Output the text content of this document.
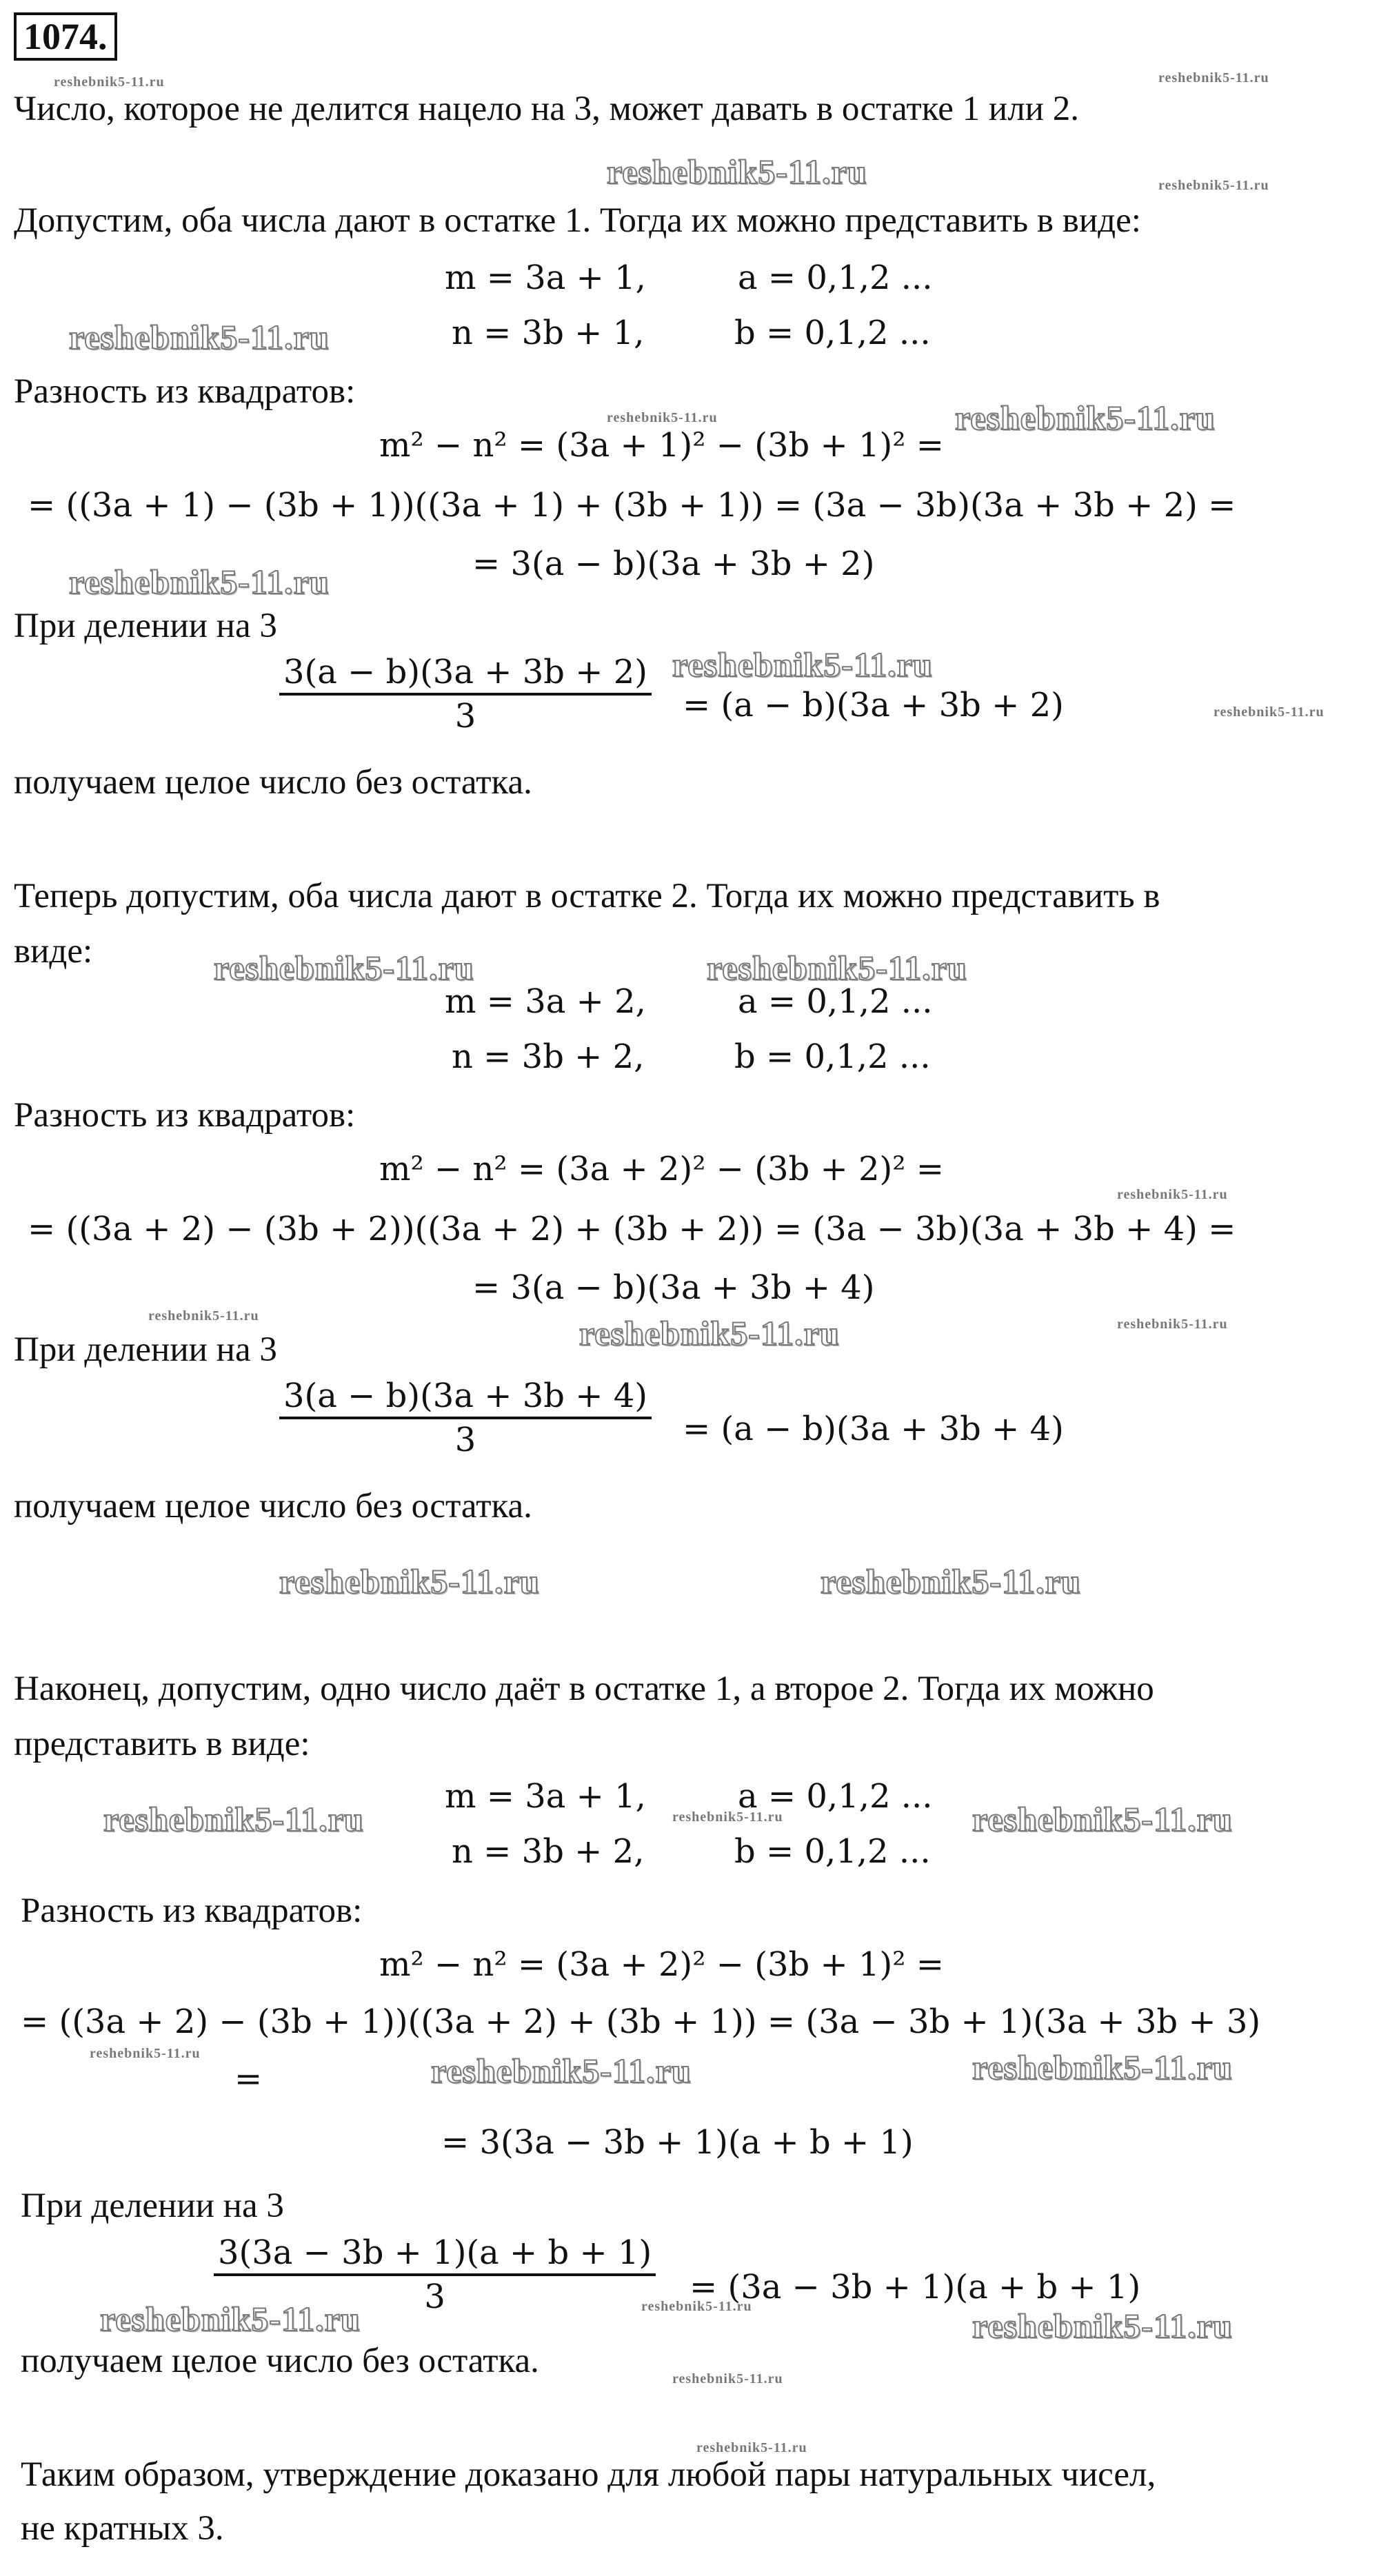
1074.
Число, которое не делится нацело на 3, может давать в остатке 1 или 2.
Допустим, оба числа дают в остатке 1. Тогда их можно представить в виде:
m = 3a + 1,	a = 0,1,2 ...
n = 3b + 1,	b = 0,1,2 ...
Разность из квадратов:
m² − n² = (3a + 1)² − (3b + 1)² =
= ((3a + 1) − (3b + 1))((3a + 1) + (3b + 1)) = (3a − 3b)(3a + 3b + 2) =
= 3(a − b)(3a + 3b + 2)
При делении на 3
$\frac{3(a - b)(3a + 3b + 2)}{3} = (a - b)(3a + 3b + 2)$
получаем целое число без остатка.
Теперь допустим, оба числа дают в остатке 2. Тогда их можно представить в
виде:
m = 3a + 2,	a = 0,1,2 ...
n = 3b + 2,	b = 0,1,2 ...
Разность из квадратов:
m² − n² = (3a + 2)² − (3b + 2)² =
= ((3a + 2) − (3b + 2))((3a + 2) + (3b + 2)) = (3a − 3b)(3a + 3b + 4) =
= 3(a − b)(3a + 3b + 4)
При делении на 3
$\frac{3(a - b)(3a + 3b + 4)}{3} = (a - b)(3a + 3b + 4)$
получаем целое число без остатка.
Наконец, допустим, одно число даёт в остатке 1, а второе 2. Тогда их можно
представить в виде:
m = 3a + 1,	a = 0,1,2 ...
n = 3b + 2,	b = 0,1,2 ...
Разность из квадратов:
m² − n² = (3a + 2)² − (3b + 1)² =
= ((3a + 2) − (3b + 1))((3a + 2) + (3b + 1)) = (3a − 3b + 1)(3a + 3b + 3)
=
= 3(3a − 3b + 1)(a + b + 1)
При делении на 3
$\frac{3(3a - 3b + 1)(a + b + 1)}{3} = (3a - 3b + 1)(a + b + 1)$
получаем целое число без остатка.
Таким образом, утверждение доказано для любой пары натуральных чисел,
не кратных 3.
reshebnik5-11.ru	reshebnik5-11.ru
reshebnik5-11.ru
reshebnik5-11.ru
reshebnik5-11.ru
reshebnik5-11.ru	reshebnik5-11.ru
reshebnik5-11.ru
reshebnik5-11.ru
reshebnik5-11.ru
reshebnik5-11.ru	reshebnik5-11.ru
reshebnik5-11.ru
reshebnik5-11.ru	reshebnik5-11.ru	reshebnik5-11.ru
reshebnik5-11.ru	reshebnik5-11.ru
reshebnik5-11.ru	reshebnik5-11.ru	reshebnik5-11.ru
reshebnik5-11.ru	reshebnik5-11.ru	reshebnik5-11.ru
reshebnik5-11.ru	reshebnik5-11.ru	reshebnik5-11.ru
reshebnik5-11.ru
reshebnik5-11.ru
